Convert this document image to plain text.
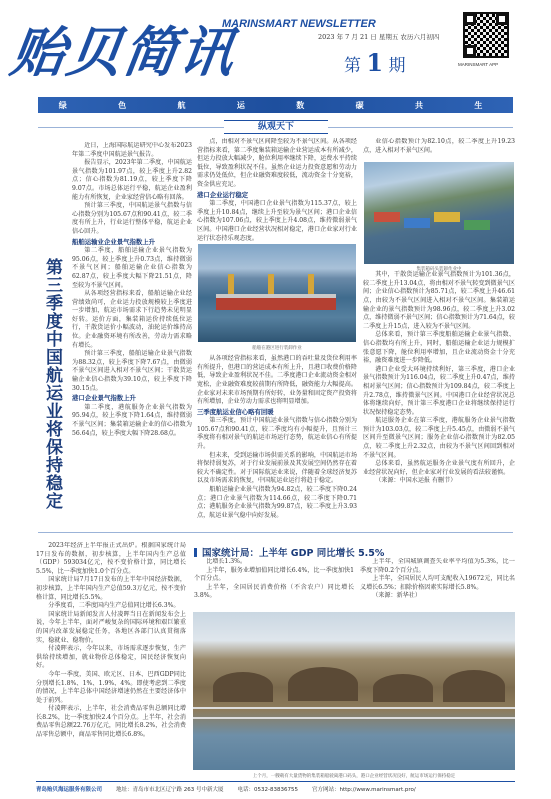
贻贝简讯
MARINSMART NEWSLETTER
2023 年 7 月 21 日 星期五 农历六月初四
第 1 期	MARINSMART APP
绿	色	航	运	数	碳	共	生
纵观天下
第三季度中国航运业将保持稳定

近日，上海国际航运研究中心发布2023年第二季度中国航运景气报告。

报告显示，2023年第二季度，中国航运景气指数为101.97点，较上季度上升2.82点；信心指数为81.19点，较上季度下降9.07点。市场总体运行平稳，航运企业盈利能力有所恢复，企业家经营信心略有回落。

预计第三季度，中国航运景气指数与信心指数分别为105.67点和90.41点，较二季度有所上升，行业运行整体平稳，航运企业信心回升。

船舶运输业企业景气指数上升

第二季度，船舶运输企业景气指数为95.06点，较上季度上升0.73点，维持微弱不景气区间；船舶运输企业信心指数为62.87点，较上季度大幅下降21.51点，降至较为不景气区间。

从各项经营指标来看，船舶运输企业经营绩效尚可，企业运力投放规模较上季度进一步增加，航运市场需求下行趋势未见明显好转。运价方面，集装箱运价持续低位运行，干散货运价小幅波动，油轮运价维持高位。企业融资环境有所改善，劳动力需求略有增长。

预计第三季度，船舶运输企业景气指数为88.32点，较上季度下降7.67点，由微弱不景气区间进入相对不景气区间；干散货运输企业信心指数为39.10点，较上季度下降30.15点。

港口企业景气指数上升

第二季度，港航服务企业景气指数为95.94点，较上季度下降1.64点，维持微弱不景气区间；集装箱运输企业的信心指数为56.64点，较上季度大幅下降28.68点。

点，由相对不景气区间降至较为不景气区间。从各项经营指标来看，第二季度集装箱运输企业营运成本有所减少，但运力投放大幅减少，舱位利用率继续下降，运费水平持续低位，导致盈利状况不佳。虽然企业运力投资意愿和劳动力需求仍处低位，但企业融资难度较低，流动资金十分宽裕，资金供应充足。

港口企业运行稳定

第二季度，中国港口企业景气指数为115.37点，较上季度上升10.84点，继续上升至较为景气区间；港口企业信心指数为107.06点，较上季度上升4.08点，维持微弱景气区间。中国港口企业经营状况相对稳定，港口企业家对行业运行状态持乐观态度。

从各项经营指标来看，虽然港口的吞吐量及货位利用率有所提升，但港口的营运成本有所上升，且港口收费价格降低，导致企业盈利状况不佳。二季度港口企业流动资金相对宽松，企业融资难度较前期有所降低，融资能力大幅提高。企业家对未来市场预期有所好转，业务量和固定资产投资将有所增加，企业劳动力需求也将明显增加。

三季度航运业信心略有回暖

第三季度，预计中国航运业景气指数与信心指数分别为105.67点和90.41点，较二季度均有小幅提升，且预计三季度将有相对景气的航运市场运行态势，航运业信心有所提升。

但未来，受到运输市场供需关系的影响，中国航运市场将保持弱复苏，对于行业发展前景及其发展空间仍然存在着较大不确定性。对于国际航运业来说，伴随着全球经济复苏以及市场需求的恢复，中国航运业运行将趋于稳定。

船舶运输企业景气指数为94.82点，较二季度下降0.24点；港口企业景气指数为114.66点，较二季度下降0.71点；港航服务企业景气指数为99.87点，较二季度上升3.93点，航运业景气稳中向好发展。

船舶在港区进行装卸作业

业信心指数预计为82.10点，较二季度上升19.23点，进入相对不景气区间。

其中，干散货运输企业景气指数预计为101.36点，较二季度上升13.04点，将由相对不景气转变到微景气区间；企业信心指数预计为85.71点，较二季度上升46.61点，由较为不景气区间进入相对不景气区间。集装箱运输企业的景气指数预计为98.96点，较二季度上升3.02点，维持微弱不景气区间；信心指数预计为71.64点，较二季度上升15点，进入较为不景气区间。

总体来看，预计第三季度船舶运输企业景气指数、信心指数均有所上升，同时，船舶运输企业运力规模扩张意愿下降，舱位利用率增加，且企业流动资金十分充裕，融资难度进一步降低。

港口企业受大环境持续利好，第三季度，港口企业景气指数预计为116.04点，较二季度上升0.47点，维持相对景气区间；信心指数预计为109.84点，较二季度上升2.78点，维持微景气区间。中国港口企业经营状况总体将继续向好，预计第三季度港口企业将继续保持运行状况保持稳定态势。

航运服务企业在第三季度，港航服务企业景气指数预计为103.03点，较二季度上升5.45点，由微弱不景气区间升至微景气区间；服务企业信心指数预计为82.05点，较二季度上升2.32点，由较为不景气区间回到相对不景气区间。

总体来看，虽然航运服务企业景气度有所回升，企业经营状况向好，但企业家对行业发展的看法较谨慎。

（来源：中国水运报 有删节）

集装箱码头装卸作业中

2023年经济上半年报正式出炉。根据国家统计局17日发布的数据，初步核算，上半年国内生产总值（GDP）593034亿元，按不变价格计算，同比增长5.5%，比一季度加快1.0个百分点。

国家统计局7月17日发布的上半年中国经济数据，初步核算，上半年国内生产总值59.3万亿元，按不变价格计算，同比增长5.5%。

分季度看，二季度国内生产总值同比增长6.3%。

国家统计局新闻发言人付凌晖当日在新闻发布会上说，今年上半年，面对严峻复杂的国际环境和艰巨繁重的国内改革发展稳定任务，各地区各部门认真贯彻落实，稳就业、稳物价。

付凌晖表示，今年以来，市场需求逐步恢复，生产供给持续增加，就业物价总体稳定，国民经济恢复向好。

今年一季度，美国、欧元区、日本、巴西GDP同比分别增长1.8%、1%、1.9%、4%。即使考虑到二季度的情况，上半年总体中国经济增速仍然在主要经济体中处于前列。

付凌晖表示，上半年，社会消费品零售总额同比增长8.2%，比一季度加快2.4个百分点。上半年，社会消费品零售总额22.76万亿元，同比增长8.2%，社会消费品零售总额中，商品零售同比增长6.8%。

国家统计局：上半年 GDP 同比增长 5.5%

比增长1.3%。

上半年，服务业增加值同比增长6.4%，比一季度加快1个百分点。

上半年，全国居民消费价格（不含农户）同比增长3.8%。

上半年，全国城镇调查失业率平均值为5.3%，比一季度下降0.2个百分点。

上半年，全国居民人均可支配收入19672元，同比名义增长6.5%；扣除价格因素实际增长5.8%。

（来源：新华社）

上个月，一艘载有大量货物的集装箱船驶离港口码头，港口企业经营状况良好，航运市场运行保持稳定
青岛贻贝海运服务有限公司	地址：青岛市市北区辽宁路 263 号中新大厦	电话：0532-83836755	官方网站：http://www.marinsmart.pro/
